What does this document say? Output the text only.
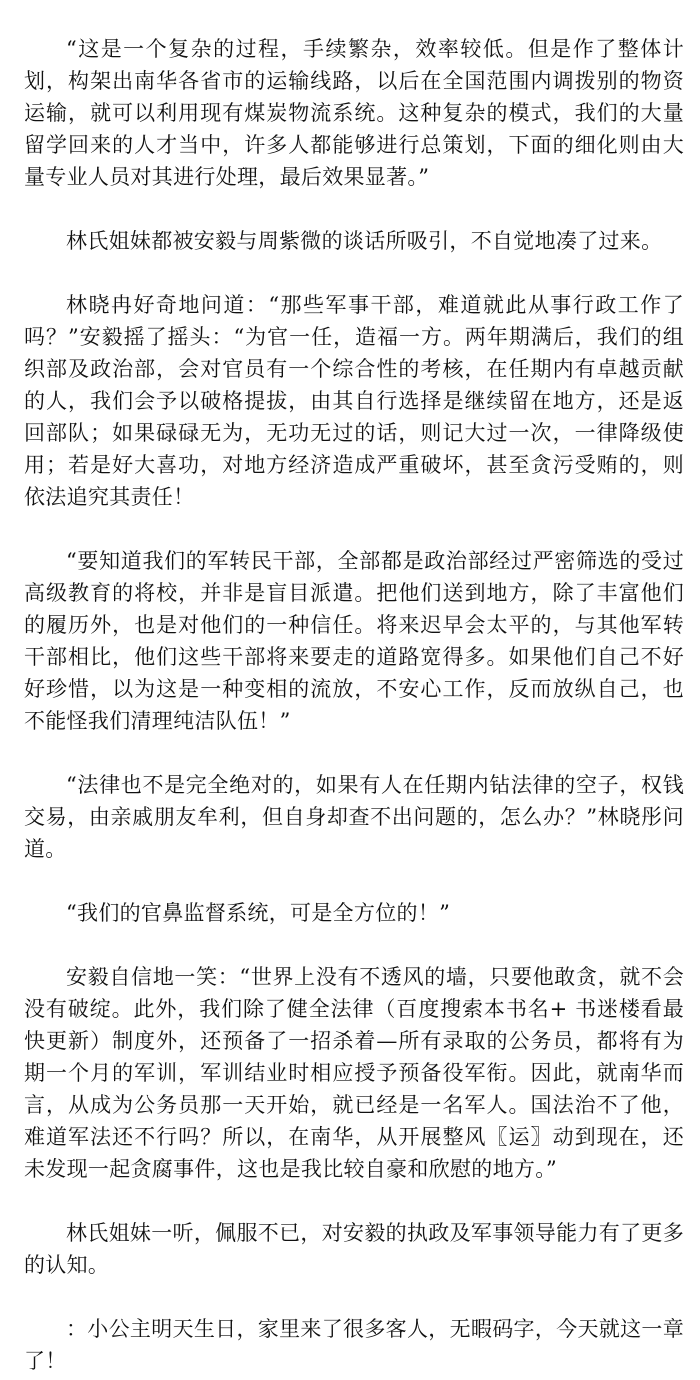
“这是一个复杂的过程，手续繁杂，效率较低。但是作了整体计划，构架出南华各省市的运输线路，以后在全国范围内调拨别的物资运输，就可以利用现有煤炭物流系统。这种复杂的模式，我们的大量留学回来的人才当中，许多人都能够进行总策划，下面的细化则由大量专业人员对其进行处理，最后效果显著。”

林氏姐妹都被安毅与周紫微的谈话所吸引，不自觉地凑了过来。

林晓冉好奇地问道：“那些军事干部，难道就此从事行政工作了吗？”安毅摇了摇头：“为官一任，造福一方。两年期满后，我们的组织部及政治部，会对官员有一个综合性的考核，在任期内有卓越贡献的人，我们会予以破格提拔，由其自行选择是继续留在地方，还是返回部队；如果碌碌无为，无功无过的话，则记大过一次，一律降级使用；若是好大喜功，对地方经济造成严重破坏，甚至贪污受贿的，则依法追究其责任！

“要知道我们的军转民干部，全部都是政治部经过严密筛选的受过高级教育的将校，并非是盲目派遣。把他们送到地方，除了丰富他们的履历外，也是对他们的一种信任。将来迟早会太平的，与其他军转干部相比，他们这些干部将来要走的道路宽得多。如果他们自己不好好珍惜，以为这是一种变相的流放，不安心工作，反而放纵自己，也不能怪我们清理纯洁队伍！”

“法律也不是完全绝对的，如果有人在任期内钻法律的空子，权钱交易，由亲戚朋友牟利，但自身却查不出问题的，怎么办？”林晓彤问道。

“我们的官鼻监督系统，可是全方位的！”

安毅自信地一笑：“世界上没有不透风的墙，只要他敢贪，就不会没有破绽。此外，我们除了健全法律（百度搜索本书名+ 书迷楼看最快更新）制度外，还预备了一招杀着—所有录取的公务员，都将有为期一个月的军训，军训结业时相应授予预备役军衔。因此，就南华而言，从成为公务员那一天开始，就已经是一名军人。国法治不了他，难道军法还不行吗？所以，在南华，从开展整风〖运〗动到现在，还未发现一起贪腐事件，这也是我比较自豪和欣慰的地方。”

林氏姐妹一听，佩服不已，对安毅的执政及军事领导能力有了更多的认知。

：小公主明天生日，家里来了很多客人，无暇码字，今天就这一章了！
